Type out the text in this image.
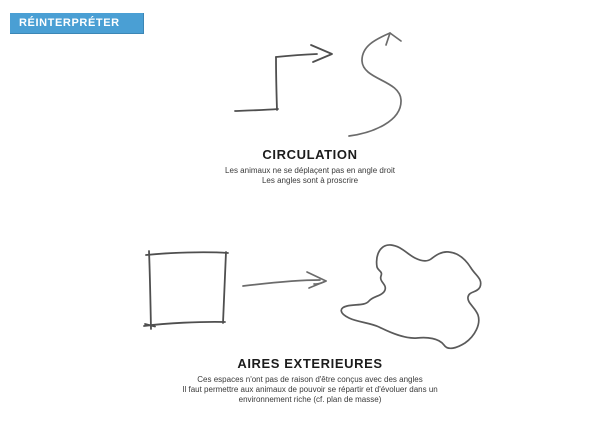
RÉINTERPRÉTER
CIRCULATION
Les animaux ne se déplaçent pas en angle droit
Les angles sont à proscrire
AIRES EXTERIEURES
Ces espaces n'ont pas de raison d'être conçus avec des angles
Il faut permettre aux animaux de pouvoir se répartir et d'évoluer dans un
environnement riche (cf. plan de masse)
